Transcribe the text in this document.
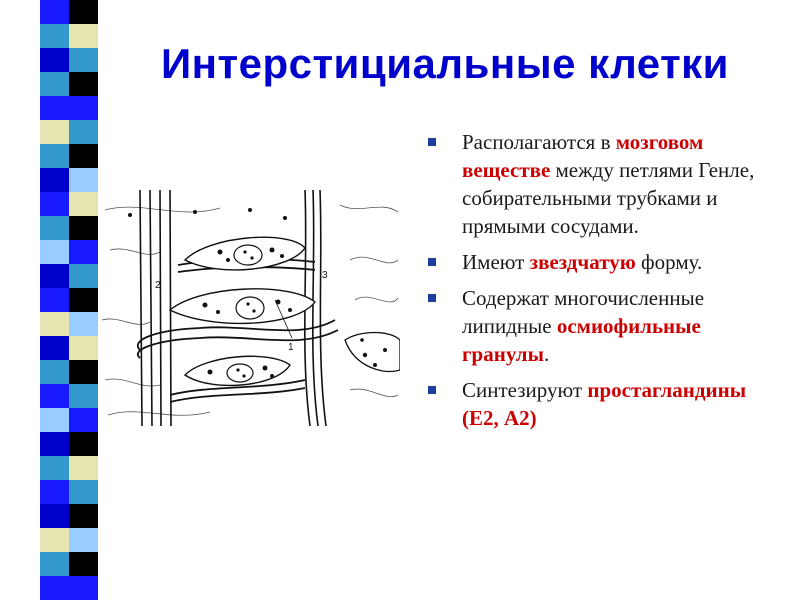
Интерстициальные клетки
2
3
1
Располагаются в мозговом веществе между петлями Генле, собирательными трубками и прямыми сосудами.
Имеют звездчатую форму.
Содержат многочисленные липидные осмиофильные гранулы.
Синтезируют простагландины (Е2, А2)
